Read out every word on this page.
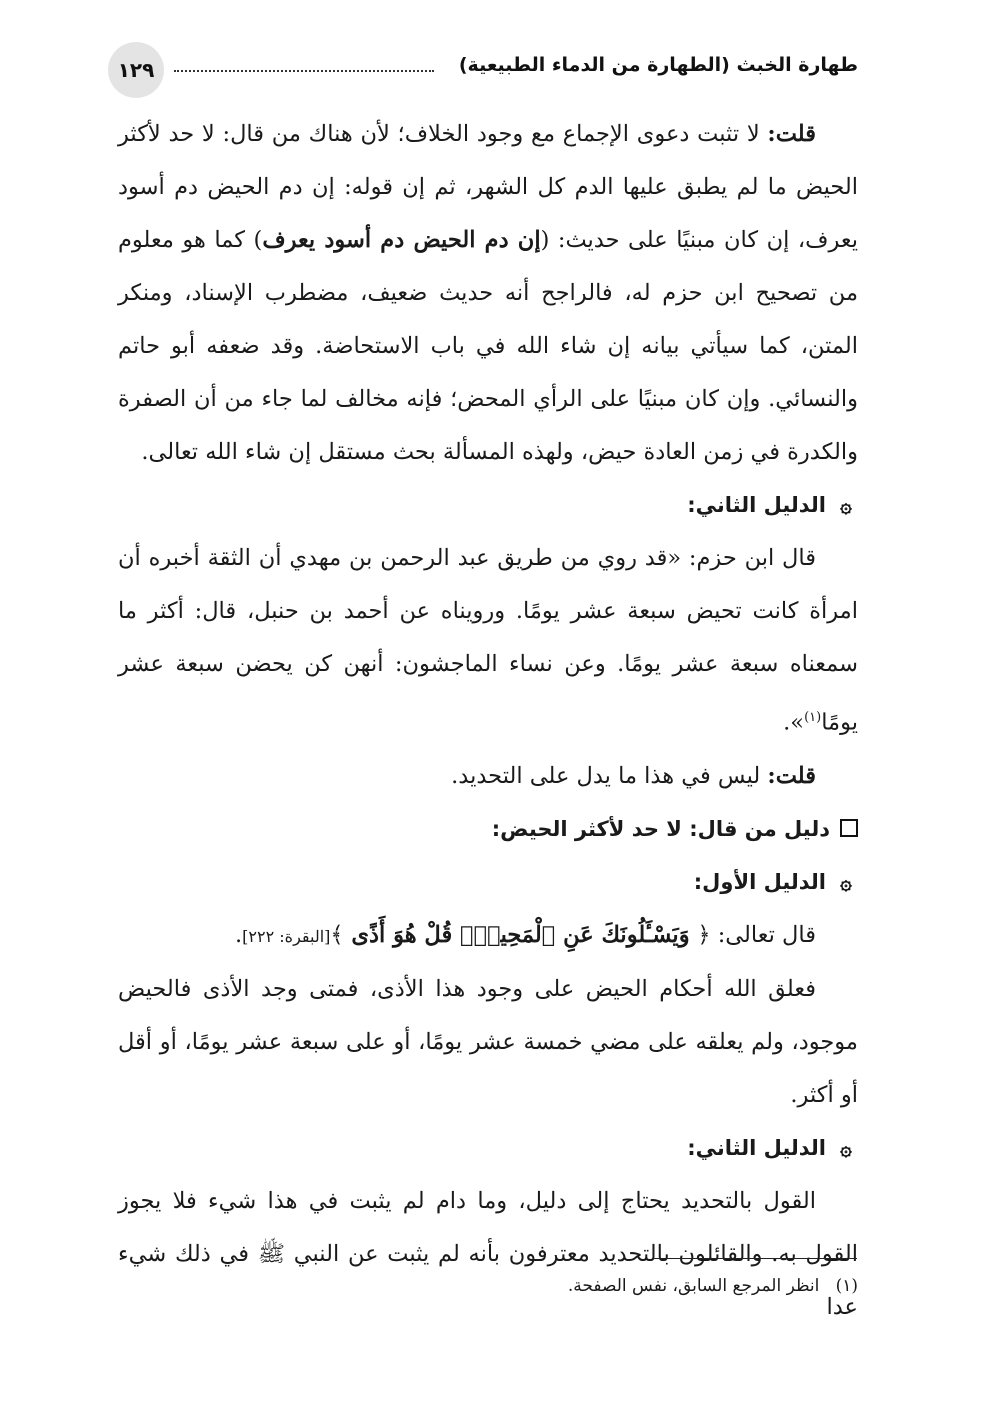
١٢٩	طهارة الخبث (الطهارة من الدماء الطبيعية)

قلت: لا تثبت دعوى الإجماع مع وجود الخلاف؛ لأن هناك من قال: لا حد لأكثر الحيض ما لم يطبق عليها الدم كل الشهر، ثم إن قوله: إن دم الحيض دم أسود يعرف، إن كان مبنيًا على حديث: (إن دم الحيض دم أسود يعرف) كما هو معلوم من تصحيح ابن حزم له، فالراجح أنه حديث ضعيف، مضطرب الإسناد، ومنكر المتن، كما سيأتي بيانه إن شاء الله في باب الاستحاضة. وقد ضعفه أبو حاتم والنسائي. وإن كان مبنيًا على الرأي المحض؛ فإنه مخالف لما جاء من أن الصفرة والكدرة في زمن العادة حيض، ولهذه المسألة بحث مستقل إن شاء الله تعالى.

۞الدليل الثاني:

قال ابن حزم: «قد روي من طريق عبد الرحمن بن مهدي أن الثقة أخبره أن امرأة كانت تحيض سبعة عشر يومًا. ورويناه عن أحمد بن حنبل، قال: أكثر ما سمعناه سبعة عشر يومًا. وعن نساء الماجشون: أنهن كن يحضن سبعة عشر يومًا$^{(١)}$».

قلت: ليس في هذا ما يدل على التحديد.

دليل من قال: لا حد لأكثر الحيض:

۞الدليل الأول:

قال تعالى: ﴿ وَيَسْـَٔلُونَكَ عَنِ ٱلْمَحِيضِۖ قُلْ هُوَ أَذًى ﴾[البقرة: ٢٢٢].

فعلق الله أحكام الحيض على وجود هذا الأذى، فمتى وجد الأذى فالحيض موجود، ولم يعلقه على مضي خمسة عشر يومًا، أو على سبعة عشر يومًا، أو أقل أو أكثر.

۞الدليل الثاني:

القول بالتحديد يحتاج إلى دليل، وما دام لم يثبت في هذا شيء فلا يجوز القول به. والقائلون بالتحديد معترفون بأنه لم يثبت عن النبي ﷺ في ذلك شيء عدا

(١)   انظر المرجع السابق، نفس الصفحة.
